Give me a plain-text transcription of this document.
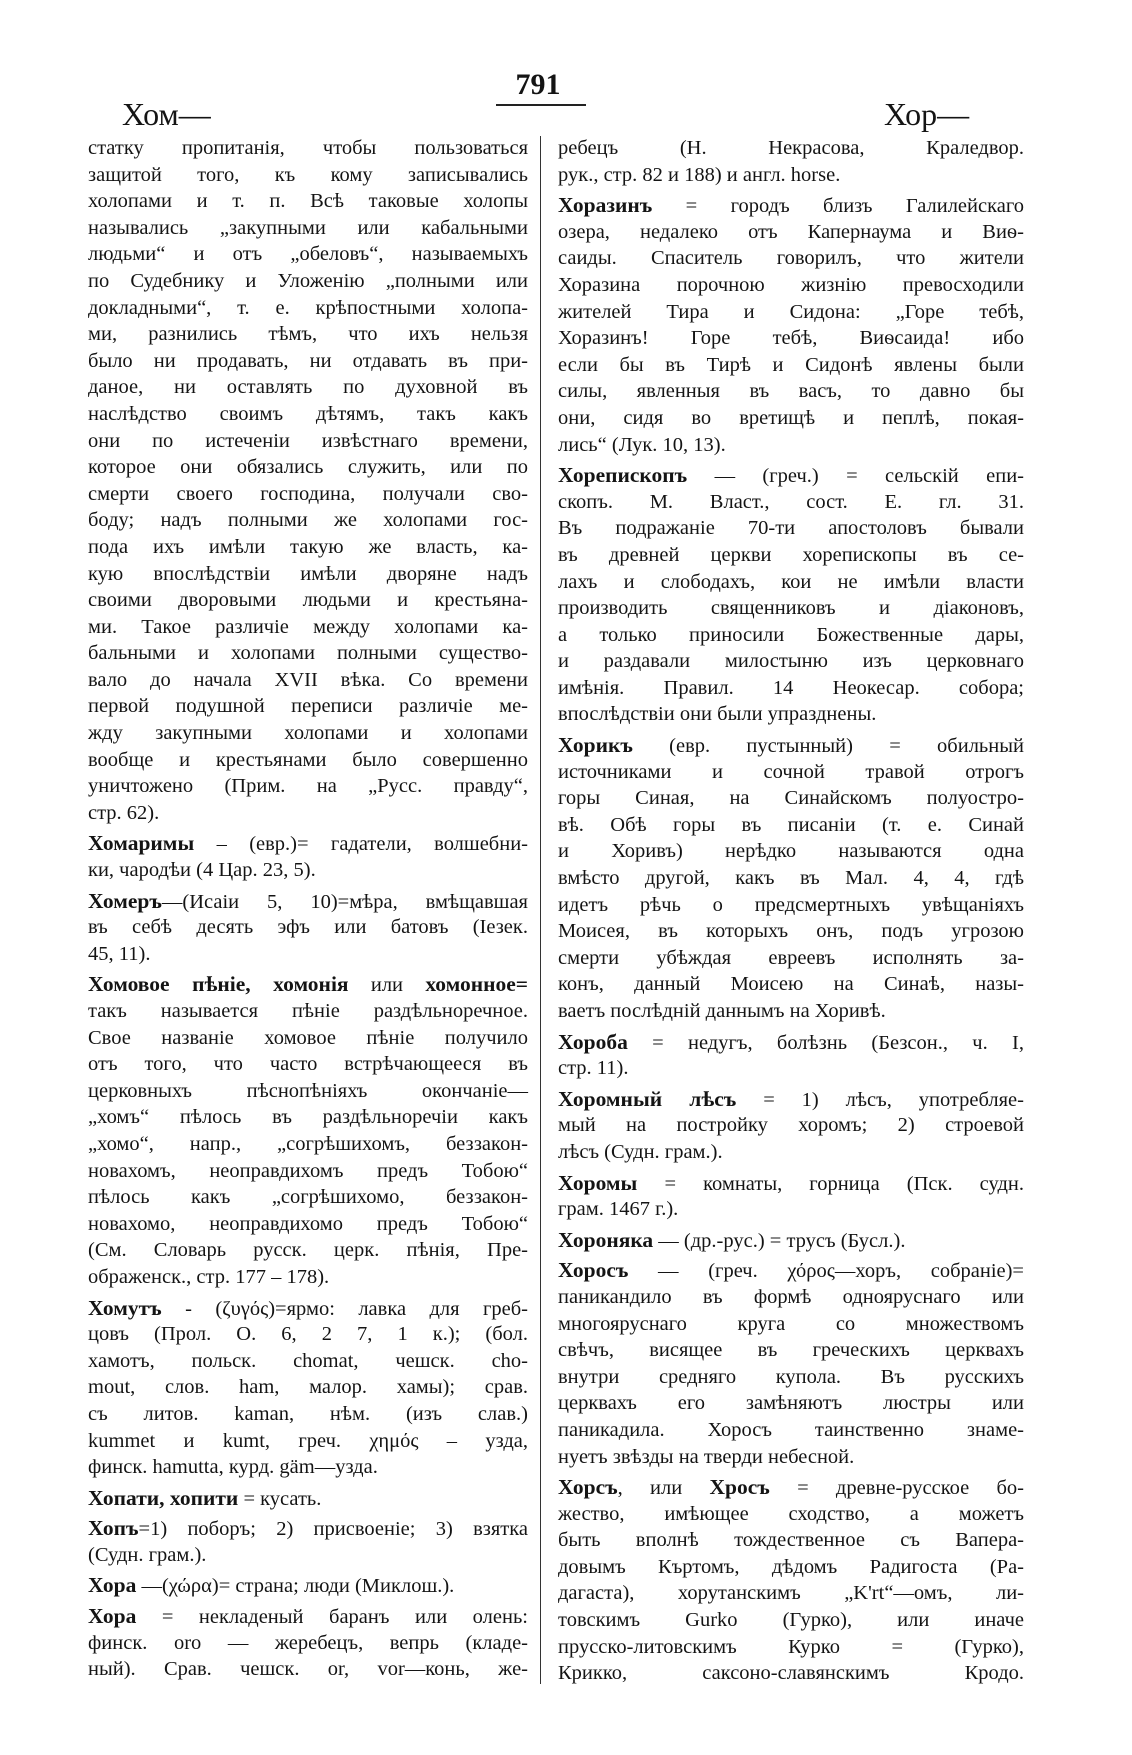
791
Хом—	Хор—
статку пропитанія, чтобы пользоваться
защитой того, къ кому записывались
холопами и т. п. Всѣ таковые холопы
назывались „закупными или кабальными
людьми“ и отъ „обеловъ“, называемыхъ
по Судебнику и Уложенію „полными или
докладными“, т. е. крѣпостными холопа-
ми, разнились тѣмъ, что ихъ нельзя
было ни продавать, ни отдавать въ при-
даное, ни оставлять по духовной въ
наслѣдство своимъ дѣтямъ, такъ какъ
они по истеченіи извѣстнаго времени,
которое они обязались служить, или по
смерти своего господина, получали сво-
боду; надъ полными же холопами гос-
пода ихъ имѣли такую же власть, ка-
кую впослѣдствіи имѣли дворяне надъ
своими дворовыми людьми и крестьяна-
ми. Такое различіе между холопами ка-
бальными и холопами полными существо-
вало до начала XVII вѣка. Со времени
первой подушной переписи различіе ме-
жду закупными холопами и холопами
вообще и крестьянами было совершенно
уничтожено (Прим. на „Русс. правду“,
стр. 62).
Хомаримы – (евр.)= гадатели, волшебни-
ки, чародѣи (4 Цар. 23, 5).
Хомеръ—(Исаіи 5, 10)=мѣра, вмѣщавшая
въ себѣ десять эфъ или батовъ (Іезек.
45, 11).
Хомовое пѣніе, хомонія или хомонное=
такъ называется пѣніе раздѣльноречное.
Свое названіе хомовое пѣніе получило
отъ того, что часто встрѣчающееся въ
церковныхъ пѣснопѣніяхъ окончаніе—
„хомъ“ пѣлось въ раздѣльноречіи какъ
„хомо“, напр., „согрѣшихомъ, беззакон-
новахомъ, неоправдихомъ предъ Тобою“
пѣлось какъ „согрѣшихомо, беззакон-
новахомо, неоправдихомо предъ Тобою“
(См. Словарь русск. церк. пѣнія, Пре-
ображенск., стр. 177 – 178).
Хомутъ - (ζυγός)=ярмо: лавка для греб-
цовъ (Прол. О. 6, 2 7, 1 к.); (бол.
хамотъ, польск. chomat, чешск. cho-
mout, слов. ham, малор. хамы); срав.
съ литов. kaman, нѣм. (изъ слав.)
kummet и kumt, греч. χημός – узда,
финск. hamutta, курд. gäm—узда.
Хопати, хопити = кусать.
Хопъ=1) поборъ; 2) присвоеніе; 3) взятка
(Судн. грам.).
Хора —(χώρα)= страна; люди (Миклош.).
Хора = некладеный баранъ или олень:
финск. oro — жеребецъ, вепрь (кладе-
ный). Срав. чешск. or, vor—конь, же-
ребецъ (Н. Некрасова, Краледвор.
рук., стр. 82 и 188) и англ. horse.
Хоразинъ = городъ близъ Галилейскаго
озера, недалеко отъ Капернаума и Виѳ-
саиды. Спаситель говорилъ, что жители
Хоразина порочною жизнію превосходили
жителей Тира и Сидона: „Горе тебѣ,
Хоразинъ! Горе тебѣ, Виѳсаида! ибо
если бы въ Тирѣ и Сидонѣ явлены были
силы, явленныя въ васъ, то давно бы
они, сидя во вретищѣ и пеплѣ, покая-
лись“ (Лук. 10, 13).
Хорепископъ — (греч.) = сельскій епи-
скопъ. М. Власт., сост. Е. гл. 31.
Въ подражаніе 70-ти апостоловъ бывали
въ древней церкви хорепископы въ се-
лахъ и слободахъ, кои не имѣли власти
производить священниковъ и діаконовъ,
а только приносили Божественные дары,
и раздавали милостыню изъ церковнаго
имѣнія. Правил. 14 Неокесар. собора;
впослѣдствіи они были упразднены.
Хорикъ (евр. пустынный) = обильный
источниками и сочной травой отрогъ
горы Синая, на Синайскомъ полуостро-
вѣ. Обѣ горы въ писаніи (т. е. Синай
и Хоривъ) нерѣдко называются одна
вмѣсто другой, какъ въ Мал. 4, 4, гдѣ
идетъ рѣчь о предсмертныхъ увѣщаніяхъ
Моисея, въ которыхъ онъ, подъ угрозою
смерти убѣждая евреевъ исполнять за-
конъ, данный Моисею на Синаѣ, назы-
ваетъ послѣдній даннымъ на Хоривѣ.
Хороба = недугъ, болѣзнь (Безсон., ч. I,
стр. 11).
Хоромный лѣсъ = 1) лѣсъ, употребляе-
мый на постройку хоромъ; 2) строевой
лѣсъ (Судн. грам.).
Хоромы = комнаты, горница (Пск. судн.
грам. 1467 г.).
Хороняка — (др.-рус.) = трусъ (Бусл.).
Хоросъ — (греч. χόρος—хоръ, собраніе)=
паникандило въ формѣ однояруснаго или
многояруснаго круга со множествомъ
свѣчъ, висящее въ греческихъ церквахъ
внутри средняго купола. Въ русскихъ
церквахъ его замѣняютъ люстры или
паникадила. Хоросъ таинственно знаме-
нуетъ звѣзды на тверди небесной.
Хорсъ, или Хросъ = древне-русское бо-
жество, имѣющее сходство, а можетъ
быть вполнѣ тождественное съ Вапера-
довымъ Къртомъ, дѣдомъ Радигоста (Ра-
дагаста), хорутанскимъ „K'rt“—омъ, ли-
товскимъ Gurko (Гурко), или иначе
прусско-литовскимъ Курко = (Гурко),
Крикко, саксоно-славянскимъ Кродо.
